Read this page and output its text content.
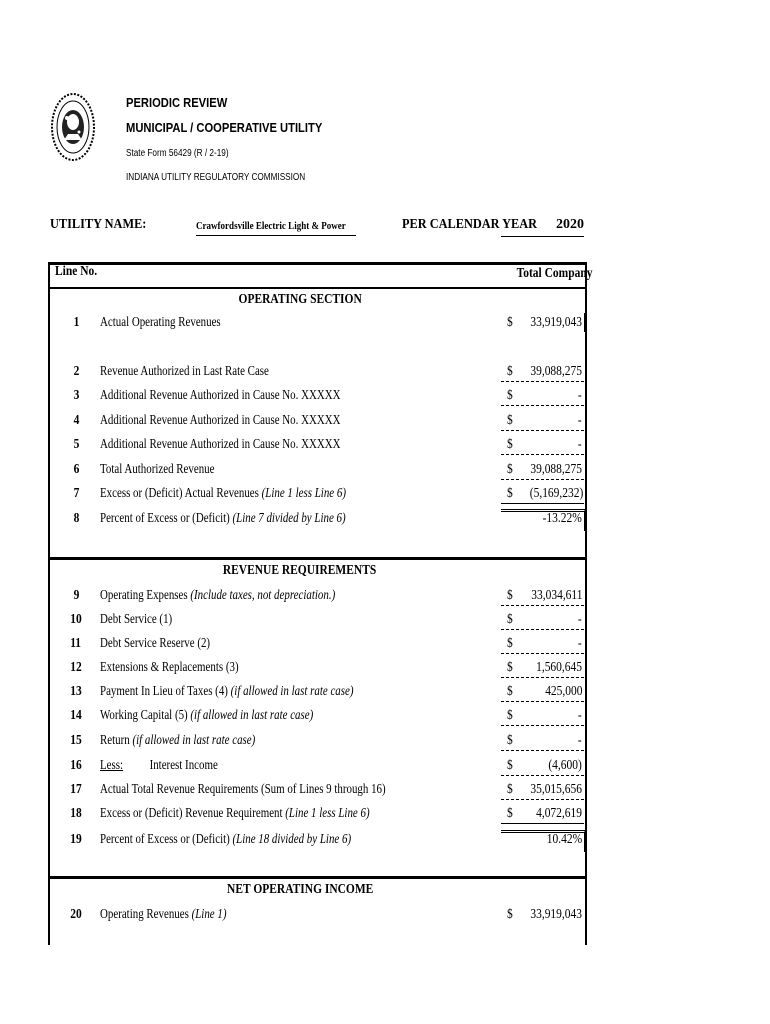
PERIODIC REVIEW
MUNICIPAL / COOPERATIVE UTILITY
State Form 56429 (R / 2-19)
INDIANA UTILITY REGULATORY COMMISSION
UTILITY NAME:	Crawfordsville Electric Light & Power	PER CALENDAR YEAR	2020
Line No.	Total Company
OPERATING SECTION
REVENUE REQUIREMENTS
NET OPERATING INCOME
1	Actual Operating Revenues	$	33,919,043
2	Revenue Authorized in Last Rate Case	$	39,088,275
3	Additional Revenue Authorized in Cause No. XXXXX	$	-
4	Additional Revenue Authorized in Cause No. XXXXX	$	-
5	Additional Revenue Authorized in Cause No. XXXXX	$	-
6	Total Authorized Revenue	$	39,088,275
7	Excess or (Deficit) Actual Revenues (Line 1 less Line 6)	$	(5,169,232)
8	Percent of Excess or (Deficit) (Line 7 divided by Line 6)	-13.22%
9	Operating Expenses (Include taxes, not depreciation.)	$	33,034,611
10	Debt Service (1)	$	-
11	Debt Service Reserve (2)	$	-
12	Extensions & Replacements (3)	$	1,560,645
13	Payment In Lieu of Taxes (4) (if allowed in last rate case)	$	425,000
14	Working Capital (5) (if allowed in last rate case)	$	-
15	Return (if allowed in last rate case)	$	-
16	Less: Interest Income	$	(4,600)
17	Actual Total Revenue Requirements (Sum of Lines 9 through 16)	$	35,015,656
18	Excess or (Deficit) Revenue Requirement (Line 1 less Line 6)	$	4,072,619
19	Percent of Excess or (Deficit) (Line 18 divided by Line 6)	10.42%
20	Operating Revenues (Line 1)	$	33,919,043
